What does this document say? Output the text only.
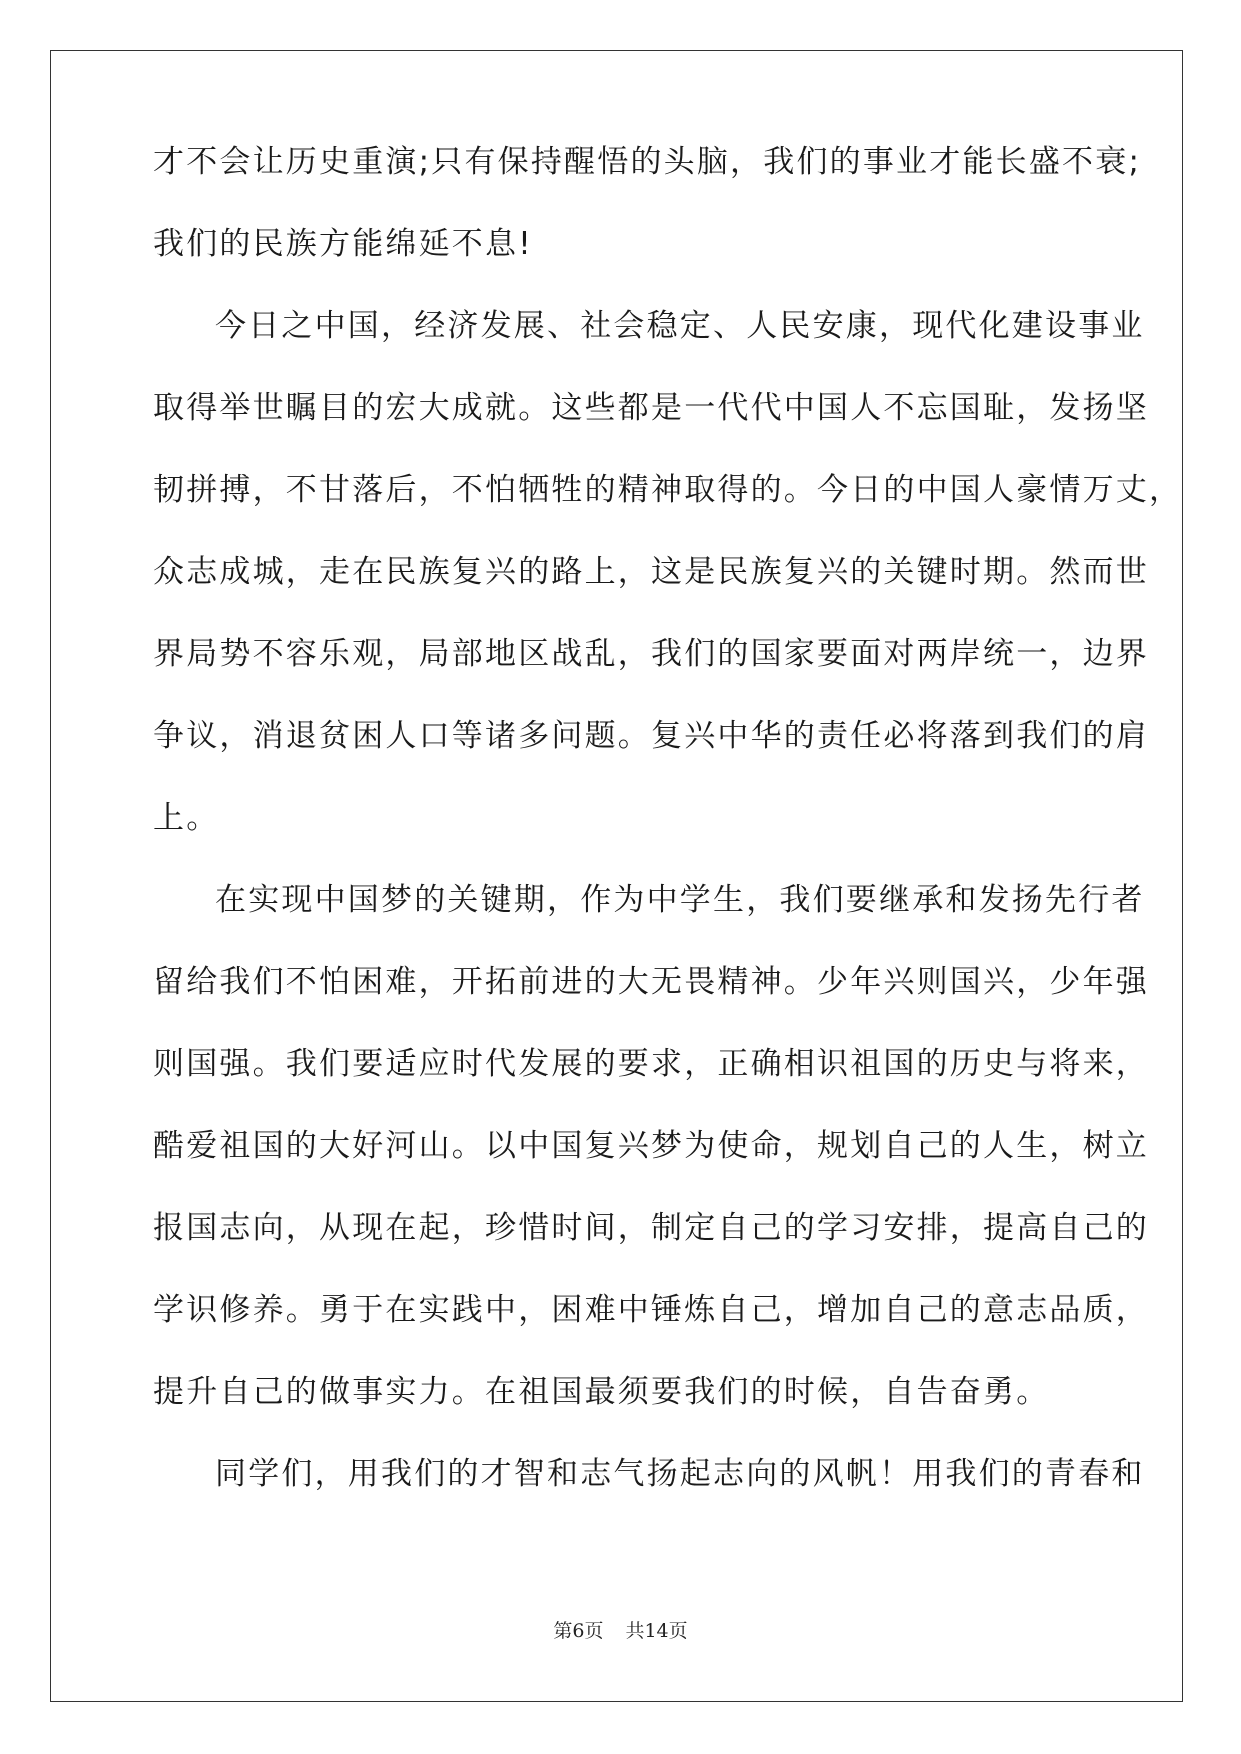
才不会让历史重演;只有保持醒悟的头脑，我们的事业才能长盛不衰;
我们的民族方能绵延不息!
今日之中国，经济发展、社会稳定、人民安康，现代化建设事业
取得举世瞩目的宏大成就。这些都是一代代中国人不忘国耻，发扬坚
韧拼搏，不甘落后，不怕牺牲的精神取得的。今日的中国人豪情万丈，
众志成城，走在民族复兴的路上，这是民族复兴的关键时期。然而世
界局势不容乐观，局部地区战乱，我们的国家要面对两岸统一，边界
争议，消退贫困人口等诸多问题。复兴中华的责任必将落到我们的肩
上。
在实现中国梦的关键期，作为中学生，我们要继承和发扬先行者
留给我们不怕困难，开拓前进的大无畏精神。少年兴则国兴，少年强
则国强。我们要适应时代发展的要求，正确相识祖国的历史与将来，
酷爱祖国的大好河山。以中国复兴梦为使命，规划自己的人生，树立
报国志向，从现在起，珍惜时间，制定自己的学习安排，提高自己的
学识修养。勇于在实践中，困难中锤炼自己，增加自己的意志品质，
提升自己的做事实力。在祖国最须要我们的时候，自告奋勇。
同学们，用我们的才智和志气扬起志向的风帆！用我们的青春和
第6页 共14页
